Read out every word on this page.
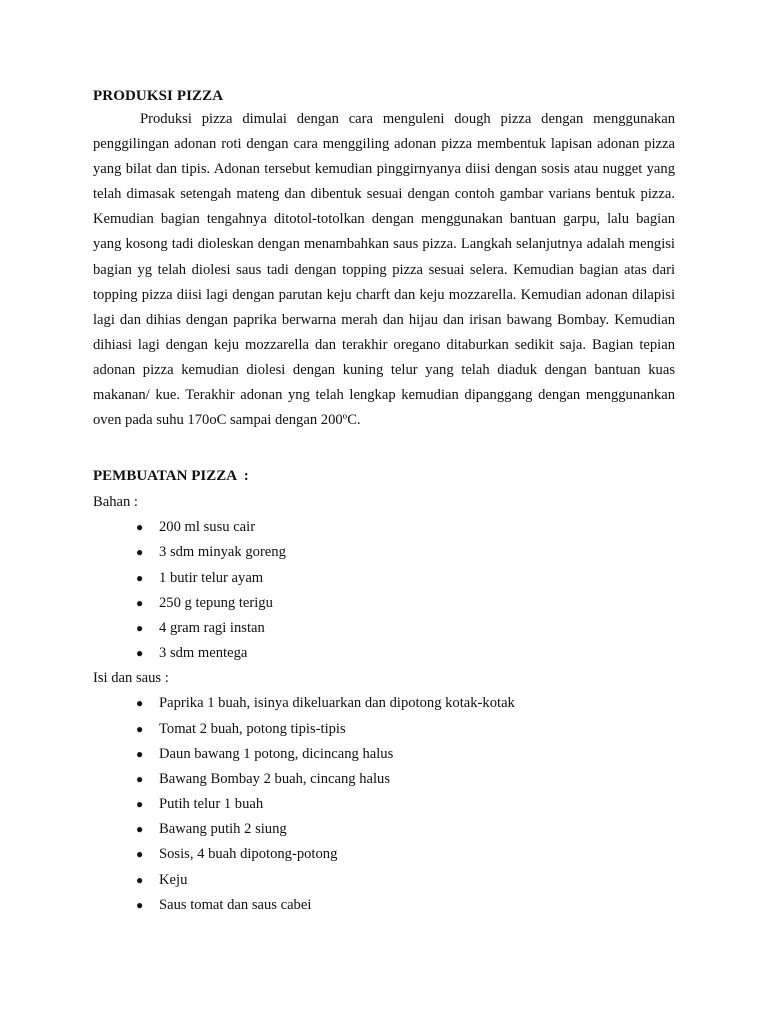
PRODUKSI PIZZA

Produksi pizza dimulai dengan cara menguleni dough pizza dengan menggunakan penggilingan adonan roti dengan cara menggiling adonan pizza membentuk lapisan adonan pizza yang bilat dan tipis. Adonan tersebut kemudian pinggirnyanya diisi dengan sosis atau nugget yang telah dimasak setengah mateng dan dibentuk sesuai dengan contoh gambar varians bentuk pizza. Kemudian bagian tengahnya ditotol-totolkan dengan menggunakan bantuan garpu, lalu bagian yang kosong tadi dioleskan dengan menambahkan saus pizza. Langkah selanjutnya adalah mengisi bagian yg telah diolesi saus tadi dengan topping pizza sesuai selera. Kemudian bagian atas dari topping pizza diisi lagi dengan parutan keju charft dan keju mozzarella. Kemudian adonan dilapisi lagi dan dihias dengan paprika berwarna merah dan hijau dan irisan bawang Bombay. Kemudian dihiasi lagi dengan keju mozzarella dan terakhir oregano ditaburkan sedikit saja. Bagian tepian adonan pizza kemudian diolesi dengan kuning telur yang telah diaduk dengan bantuan kuas makanan/ kue. Terakhir adonan yng telah lengkap kemudian dipanggang dengan menggunankan oven pada suhu 170oC sampai dengan 200ºC.

PEMBUATAN PIZZA  :
Bahan :
● 200 ml susu cair
● 3 sdm minyak goreng
● 1 butir telur ayam
● 250 g tepung terigu
● 4 gram ragi instan
● 3 sdm mentega
Isi dan saus :
● Paprika 1 buah, isinya dikeluarkan dan dipotong kotak-kotak
● Tomat 2 buah, potong tipis-tipis
● Daun bawang 1 potong, dicincang halus
● Bawang Bombay 2 buah, cincang halus
● Putih telur 1 buah
● Bawang putih 2 siung
● Sosis, 4 buah dipotong-potong
● Keju
● Saus tomat dan saus cabei
